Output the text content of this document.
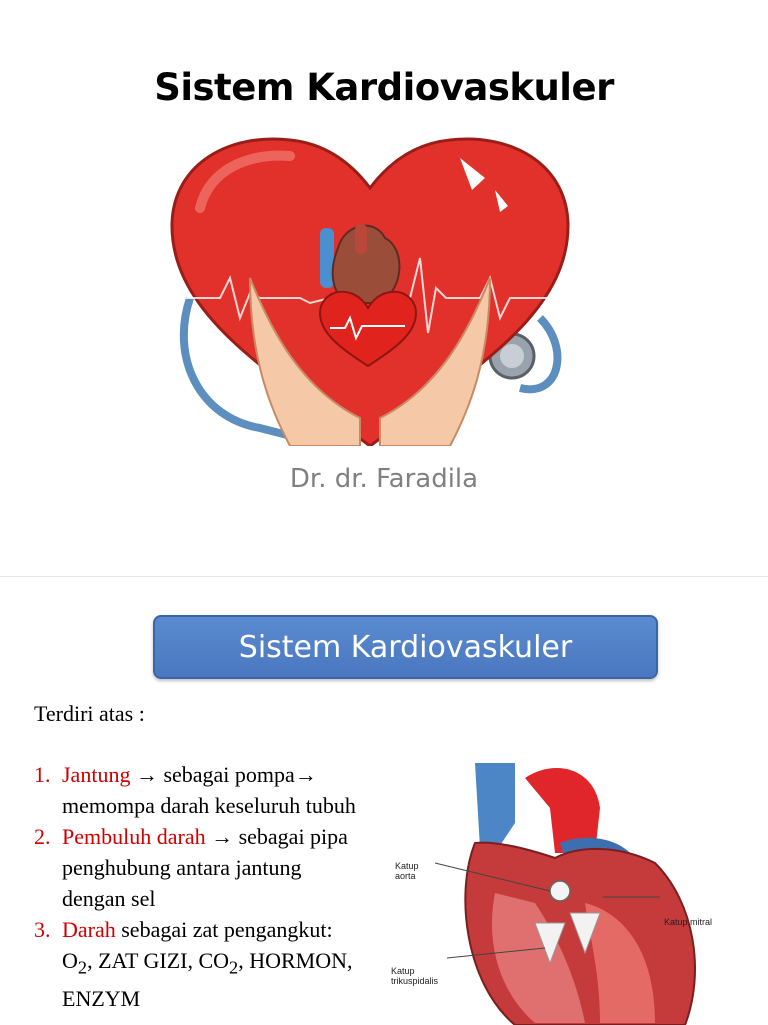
Sistem Kardiovaskuler
Dr. dr. Faradila
Sistem Kardiovaskuler
Terdiri atas :
1. Jantung → sebagai pompa→ memompa darah keseluruh tubuh
2. Pembuluh darah → sebagai pipa penghubung antara jantung dengan sel
3. Darah sebagai zat pengangkut: $O_2$, ZAT GIZI, $CO_2$, HORMON, ENZYM
Katup
aorta
Katup mitral
Katup
trikuspidalis
